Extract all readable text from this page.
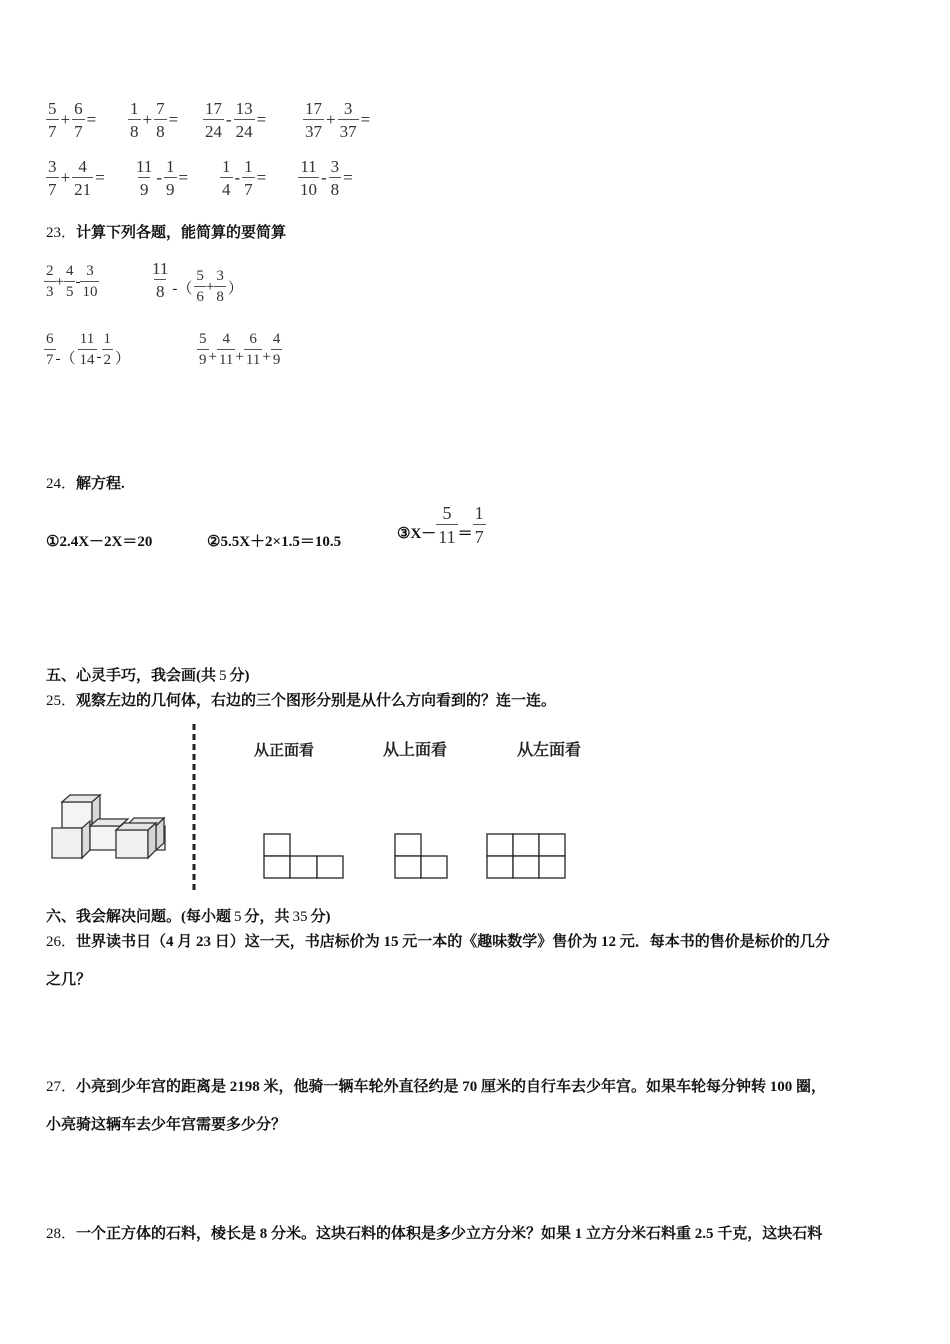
$\frac{5}{7} + \frac{6}{7} = \frac{1}{8} + \frac{7}{8} = \frac{17}{24} - \frac{13}{24} = \frac{17}{37} + \frac{3}{37}$ =
$\frac{3}{7} + \frac{4}{21} = \frac{11}{9} - \frac{1}{9} = \frac{1}{4} - \frac{1}{7} = \frac{11}{10} - \frac{3}{8}$ =
23．计算下列各题，能简算的要简算
$\frac{2}{3} + \frac{4}{5} - \frac{3}{10}$	$\frac{11}{8}$ -（ $\frac{5}{6} + \frac{3}{8}$ ）
$\frac{6}{7}$ -（ $\frac{11}{14} - \frac{1}{2}$ ）	$\frac{5}{9} + \frac{4}{11} + \frac{6}{11} + \frac{4}{9}$
24．解方程.
①2.4X－2X＝20	②5.5X＋2×1.5＝10.5
③X－ $\frac{5}{11} = \frac{1}{7}$
五、心灵手巧，我会画(共 5 分)
25．观察左边的几何体，右边的三个图形分别是从什么方向看到的？连一连。
从正面看	从上面看	从左面看
六、我会解决问题。(每小题 5 分，共 35 分)
26．世界读书日（4 月 23 日）这一天，书店标价为 15 元一本的《趣味数学》售价为 12 元．每本书的售价是标价的几分
之几？
27．小亮到少年宫的距离是 2198 米，他骑一辆车轮外直径约是 70 厘米的自行车去少年宫。如果车轮每分钟转 100 圈，
小亮骑这辆车去少年宫需要多少分？
28．一个正方体的石料，棱长是 8 分米。这块石料的体积是多少立方分米？如果 1 立方分米石料重 2.5 千克，这块石料
